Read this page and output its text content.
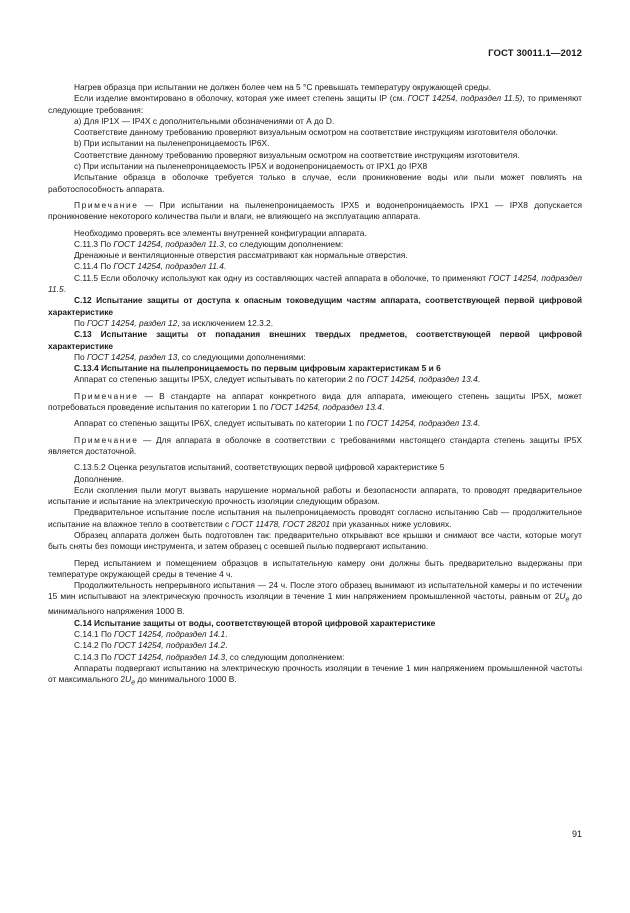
ГОСТ 30011.1—2012

Нагрев образца при испытании не должен более чем на 5 °С превышать температуру окружающей среды.

Если изделие вмонтировано в оболочку, которая уже имеет степень защиты IP (см. ГОСТ 14254, подраздел 11.5), то применяют следующие требования:

a) Для IP1X — IP4X с дополнительными обозначениями от А до D.

Соответствие данному требованию проверяют визуальным осмотром на соответствие инструкциям изготовителя оболочки.

b) При испытании на пыленепроницаемость IP6X.

Соответствие данному требованию проверяют визуальным осмотром на соответствие инструкциям изготовителя.

с) При испытании на пыленепроницаемость IP5X и водонепроницаемость от IPX1 до IPX8

Испытание образца в оболочке требуется только в случае, если проникновение воды или пыли может повлиять на работоспособность аппарата.

Примечание — При испытании на пыленепроницаемость IPX5 и водонепроницаемость IPX1 — IPX8 допускается проникновение некоторого количества пыли и влаги, не влияющего на эксплуатацию аппарата.

Необходимо проверять все элементы внутренней конфигурации аппарата.

С.11.3 По ГОСТ 14254, подраздел 11.3, со следующим дополнением:

Дренажные и вентиляционные отверстия рассматривают как нормальные отверстия.

С.11.4 По ГОСТ 14254, подраздел 11.4.

С.11.5 Если оболочку используют как одну из составляющих частей аппарата в оболочке, то применяют ГОСТ 14254, подраздел 11.5.

С.12 Испытание защиты от доступа к опасным токоведущим частям аппарата, соответствующей первой цифровой характеристике

По ГОСТ 14254, раздел 12, за исключением 12.3.2.

С.13 Испытание защиты от попадания внешних твердых предметов, соответствующей первой цифровой характеристике

По ГОСТ 14254, раздел 13, со следующими дополнениями:

С.13.4 Испытание на пылепроницаемость по первым цифровым характеристикам 5 и 6

Аппарат со степенью защиты IP5X, следует испытывать по категории 2 по ГОСТ 14254, подраздел 13.4.

Примечание — В стандарте на аппарат конкретного вида для аппарата, имеющего степень защиты IP5X, может потребоваться проведение испытания по категории 1 по ГОСТ 14254, подраздел 13.4.

Аппарат со степенью защиты IP6X, следует испытывать по категории 1 по ГОСТ 14254, подраздел 13.4.

Примечание — Для аппарата в оболочке в соответствии с требованиями настоящего стандарта степень защиты IP5X является достаточной.

С.13.5.2 Оценка результатов испытаний, соответствующих первой цифровой характеристике 5

Дополнение.

Если скопления пыли могут вызвать нарушение нормальной работы и безопасности аппарата, то проводят предварительное испытание и испытание на электрическую прочность изоляции следующим образом.

Предварительное испытание после испытания на пылепроницаемость проводят согласно испытанию Cab — продолжительное испытание на влажное тепло в соответствии с ГОСТ 11478, ГОСТ 28201 при указанных ниже условиях.

Образец аппарата должен быть подготовлен так: предварительно открывают все крышки и снимают все части, которые могут быть сняты без помощи инструмента, и затем образец с осевшей пылью подвергают испытанию.

Перед испытанием и помещением образцов в испытательную камеру они должны быть предварительно выдержаны при температуре окружающей среды в течение 4 ч.

Продолжительность непрерывного испытания — 24 ч. После этого образец вынимают из испытательной камеры и по истечении 15 мин испытывают на электрическую прочность изоляции в течение 1 мин напряжением промышленной частоты, равным от $2U_e$ до минимального напряжения 1000 В.

С.14 Испытание защиты от воды, соответствующей второй цифровой характеристике

С.14.1 По ГОСТ 14254, подраздел 14.1.

С.14.2 По ГОСТ 14254, подраздел 14.2.

С.14.3 По ГОСТ 14254, подраздел 14.3, со следующим дополнением:

Аппараты подвергают испытанию на электрическую прочность изоляции в течение 1 мин напряжением промышленной частоты от максимального $2U_e$ до минимального 1000 В.

91
